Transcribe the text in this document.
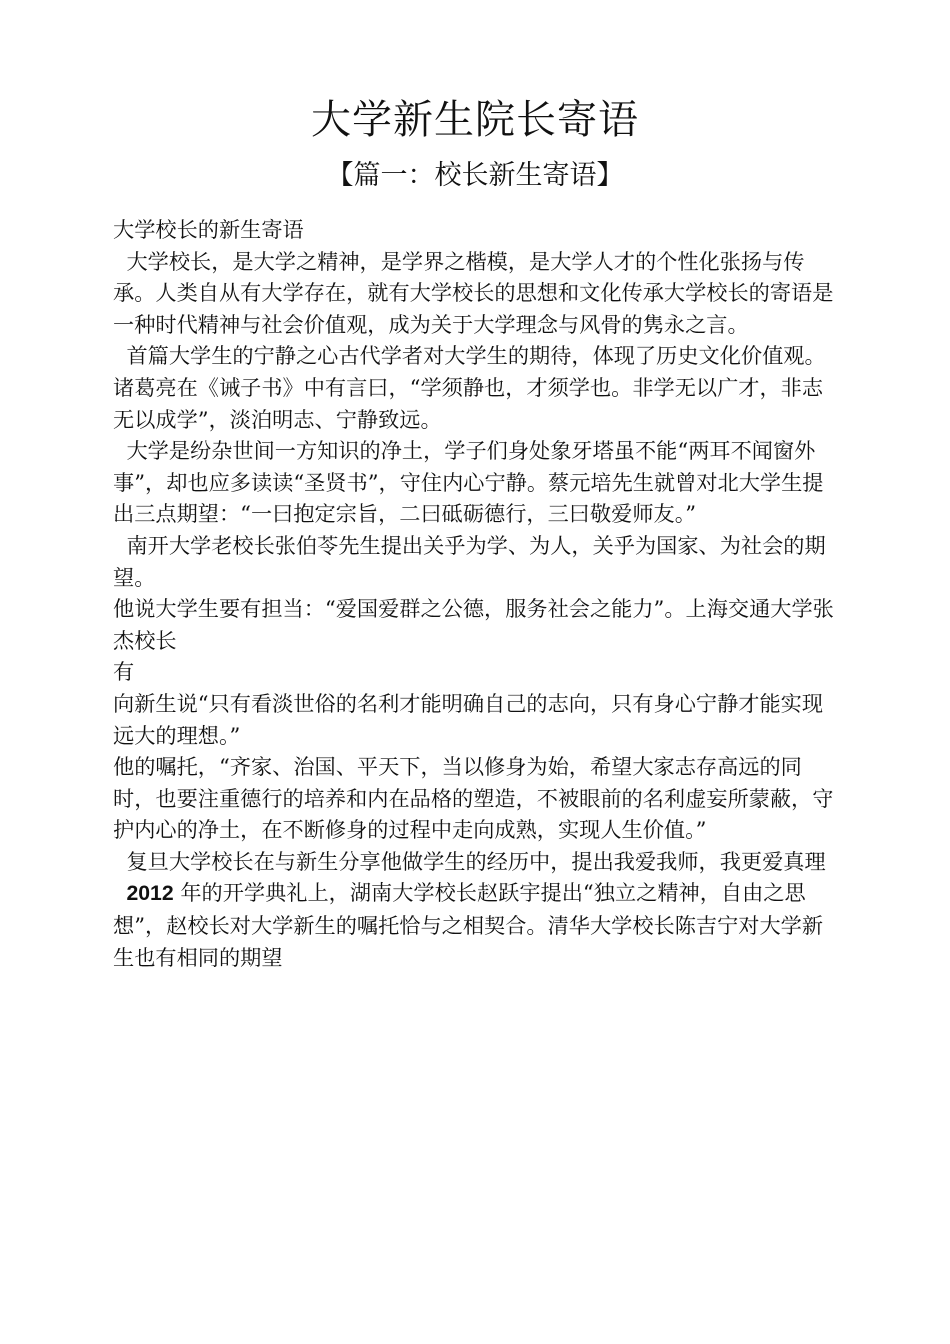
大学新生院长寄语
【篇一：校长新生寄语】

大学校长的新生寄语

大学校长，是大学之精神，是学界之楷模，是大学人才的个性化张扬与传承。人类自从有大学存在，就有大学校长的思想和文化传承大学校长的寄语是一种时代精神与社会价值观，成为关于大学理念与风骨的隽永之言。

首篇大学生的宁静之心古代学者对大学生的期待，体现了历史文化价值观。诸葛亮在《诫子书》中有言曰，“学须静也，才须学也。非学无以广才，非志无以成学”，淡泊明志、宁静致远。

大学是纷杂世间一方知识的净土，学子们身处象牙塔虽不能“两耳不闻窗外事”，却也应多读读“圣贤书”，守住内心宁静。蔡元培先生就曾对北大学生提出三点期望：“一曰抱定宗旨，二曰砥砺德行，三曰敬爱师友。”

南开大学老校长张伯苓先生提出关乎为学、为人，关乎为国家、为社会的期望。

他说大学生要有担当：“爱国爱群之公德，服务社会之能力”。上海交通大学张杰校长

有

向新生说“只有看淡世俗的名利才能明确自己的志向，只有身心宁静才能实现远大的理想。”

他的嘱托，“齐家、治国、平天下，当以修身为始，希望大家志存高远的同时，也要注重德行的培养和内在品格的塑造，不被眼前的名利虚妄所蒙蔽，守护内心的净土，在不断修身的过程中走向成熟，实现人生价值。”

复旦大学校长在与新生分享他做学生的经历中，提出我爱我师，我更爱真理

2012 年的开学典礼上，湖南大学校长赵跃宇提出“独立之精神，自由之思

想”，赵校长对大学新生的嘱托恰与之相契合。清华大学校长陈吉宁对大学新生也有相同的期望
